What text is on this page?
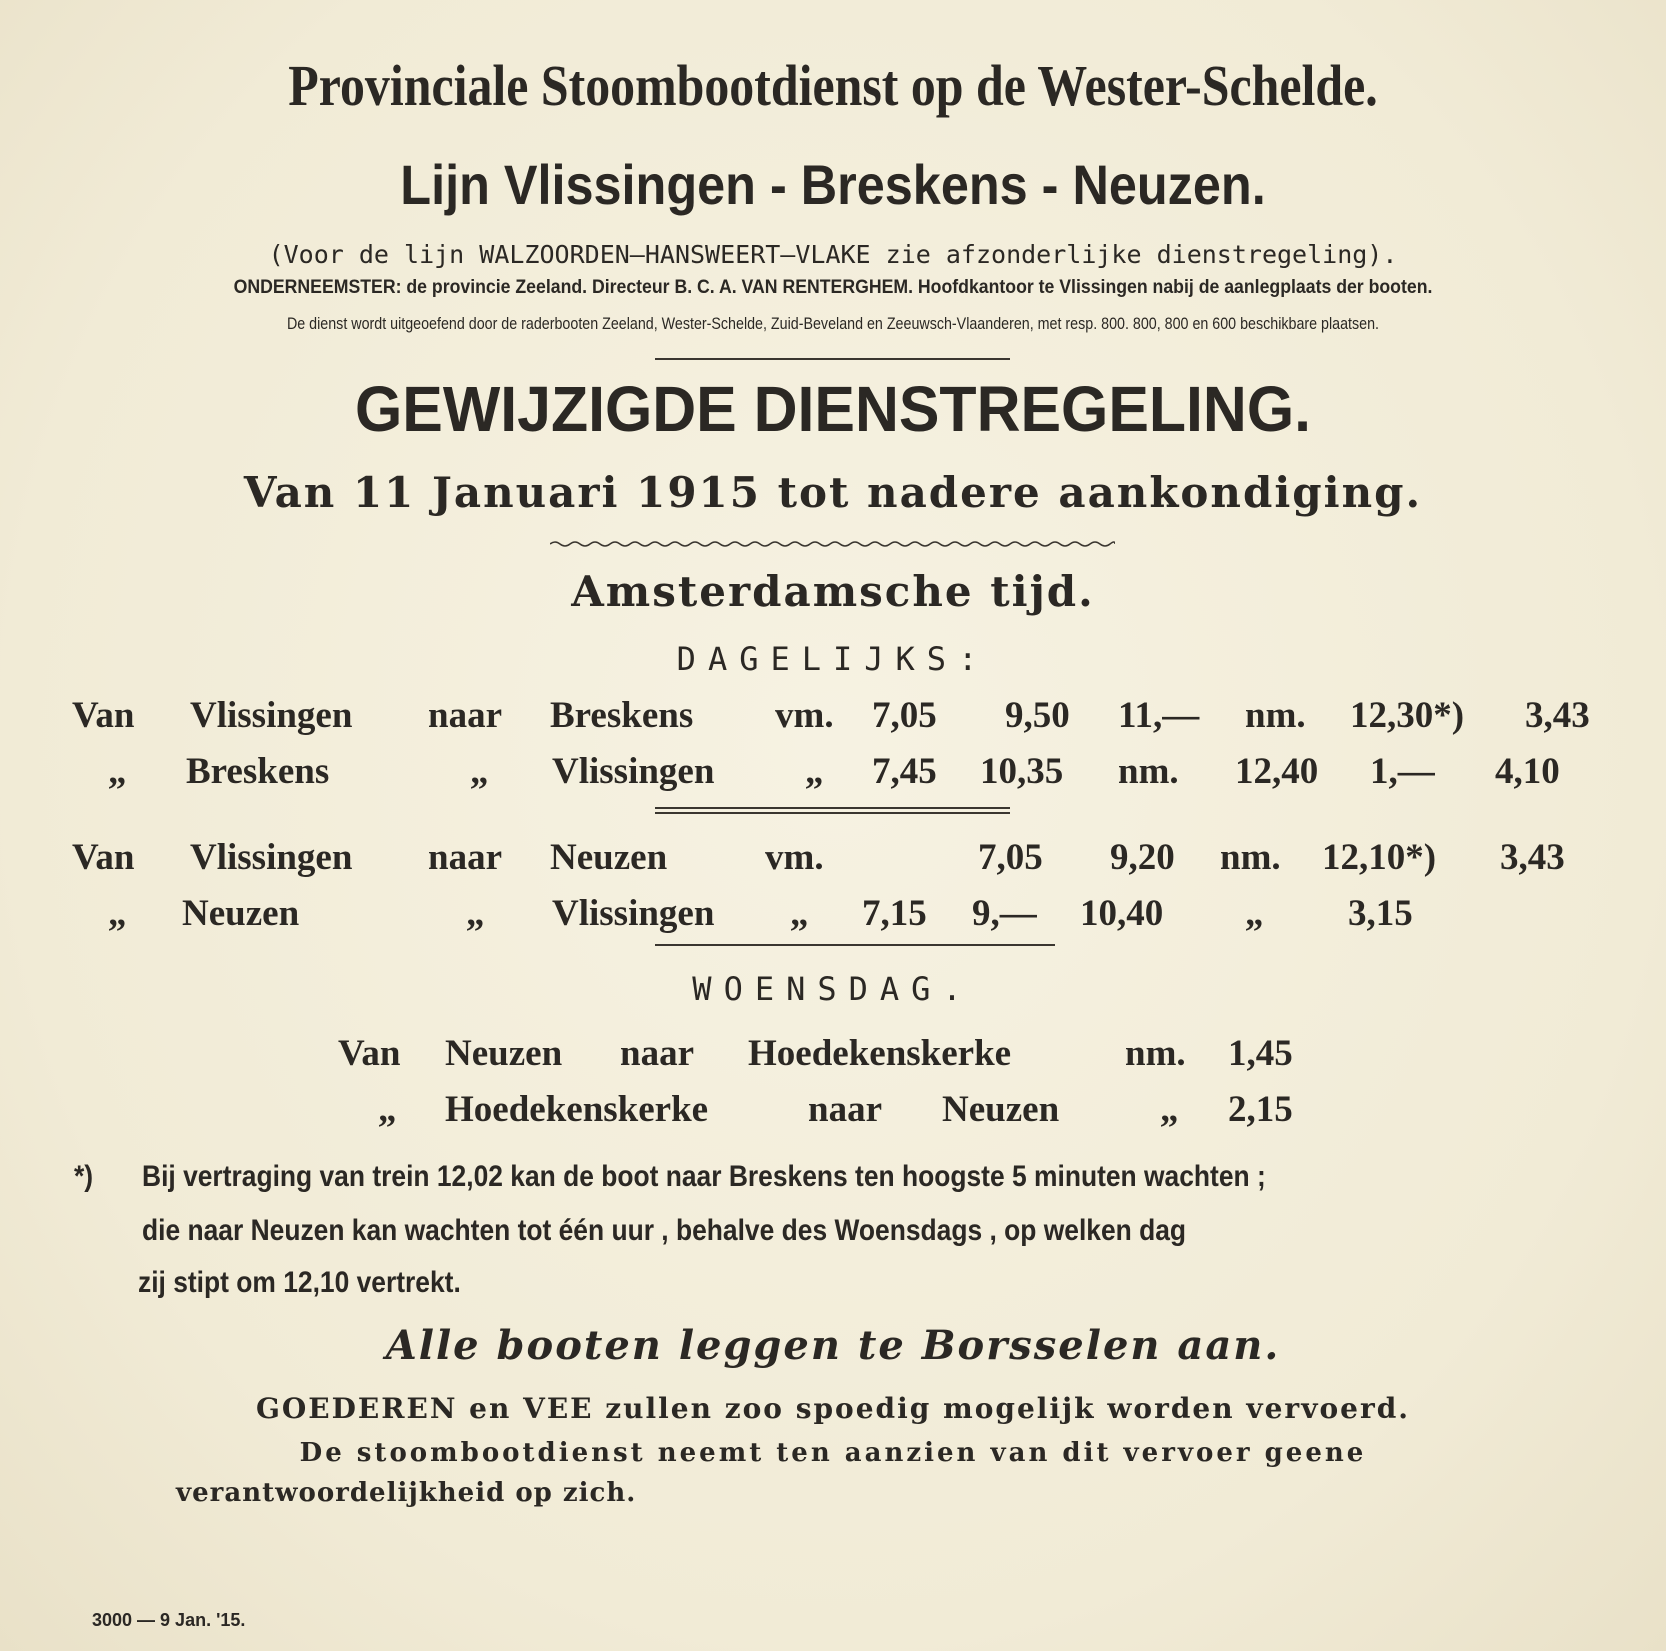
Provinciale Stoombootdienst op de Wester-Schelde.
Lijn Vlissingen - Breskens - Neuzen.
(Voor de lijn WALZOORDEN—HANSWEERT—VLAKE zie afzonderlijke dienstregeling).
ONDERNEEMSTER: de provincie Zeeland. Directeur B. C. A. VAN RENTERGHEM. Hoofdkantoor te Vlissingen nabij de aanlegplaats der booten.
De dienst wordt uitgeoefend door de raderbooten Zeeland, Wester-Schelde, Zuid-Beveland en Zeeuwsch-Vlaanderen, met resp. 800. 800, 800 en 600 beschikbare plaatsen.
GEWIJZIGDE DIENSTREGELING.
Van 11 Januari 1915 tot nadere aankondiging.
Amsterdamsche tijd.
DAGELIJKS:
Van Vlissingen naar Breskens vm. 7,05 9,50 11,— nm. 12,30*) 3,43
„ Breskens	„ Vlissingen „ 7,45 10,35 nm. 12,40 1,— 4,10
Van Vlissingen naar Neuzen	vm.	7,05 9,20 nm. 12,10*) 3,43
„ Neuzen	„ Vlissingen „ 7,15 9,— 10,40 „ 3,15
WOENSDAG.
Van Neuzen naar Hoedekenskerke	nm. 1,45
„ Hoedekenskerke	naar Neuzen	„ 2,15
*) Bij vertraging van trein 12,02 kan de boot naar Breskens ten hoogste 5 minuten wachten ;
die naar Neuzen kan wachten tot één uur , behalve des Woensdags , op welken dag
zij stipt om 12,10 vertrekt.
Alle booten leggen te Borsselen aan.
GOEDEREN en VEE zullen zoo spoedig mogelijk worden vervoerd.
De stoombootdienst neemt ten aanzien van dit vervoer geene
verantwoordelijkheid op zich.
3000 — 9 Jan. '15.
